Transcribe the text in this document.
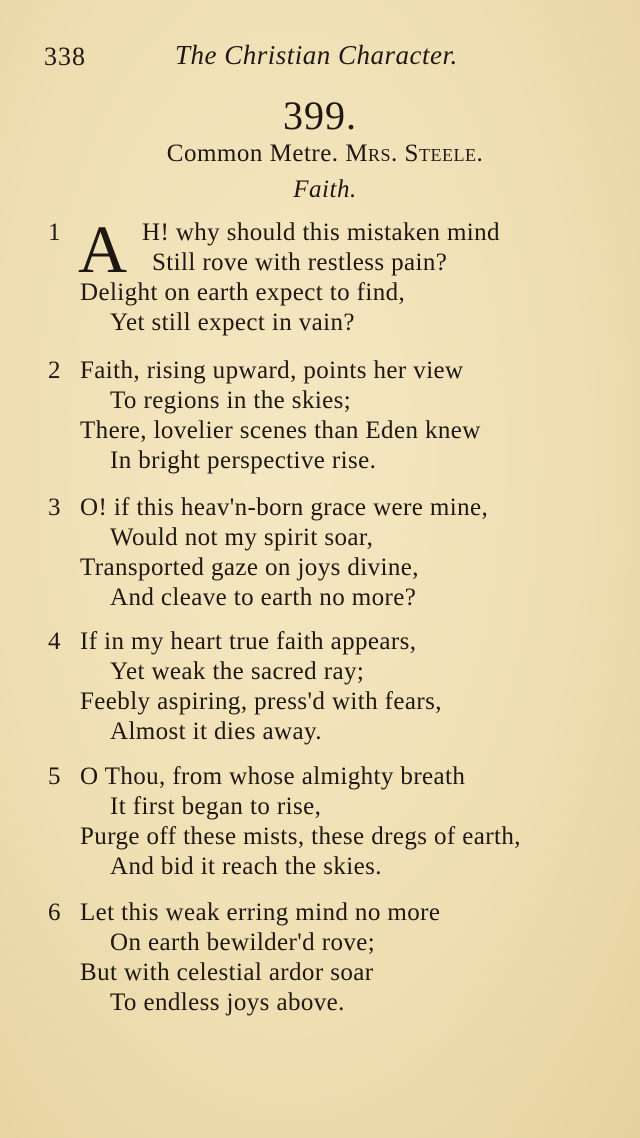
338	The Christian Character.
399.
Common Metre. Mrs. Steele.
Faith.
1 A H! why should this mistaken mind
Still rove with restless pain?
Delight on earth expect to find,
Yet still expect in vain?
2 Faith, rising upward, points her view
To regions in the skies;
There, lovelier scenes than Eden knew
In bright perspective rise.
3 O! if this heav'n-born grace were mine,
Would not my spirit soar,
Transported gaze on joys divine,
And cleave to earth no more?
4 If in my heart true faith appears,
Yet weak the sacred ray;
Feebly aspiring, press'd with fears,
Almost it dies away.
5 O Thou, from whose almighty breath
It first began to rise,
Purge off these mists, these dregs of earth,
And bid it reach the skies.
6 Let this weak erring mind no more
On earth bewilder'd rove;
But with celestial ardor soar
To endless joys above.
